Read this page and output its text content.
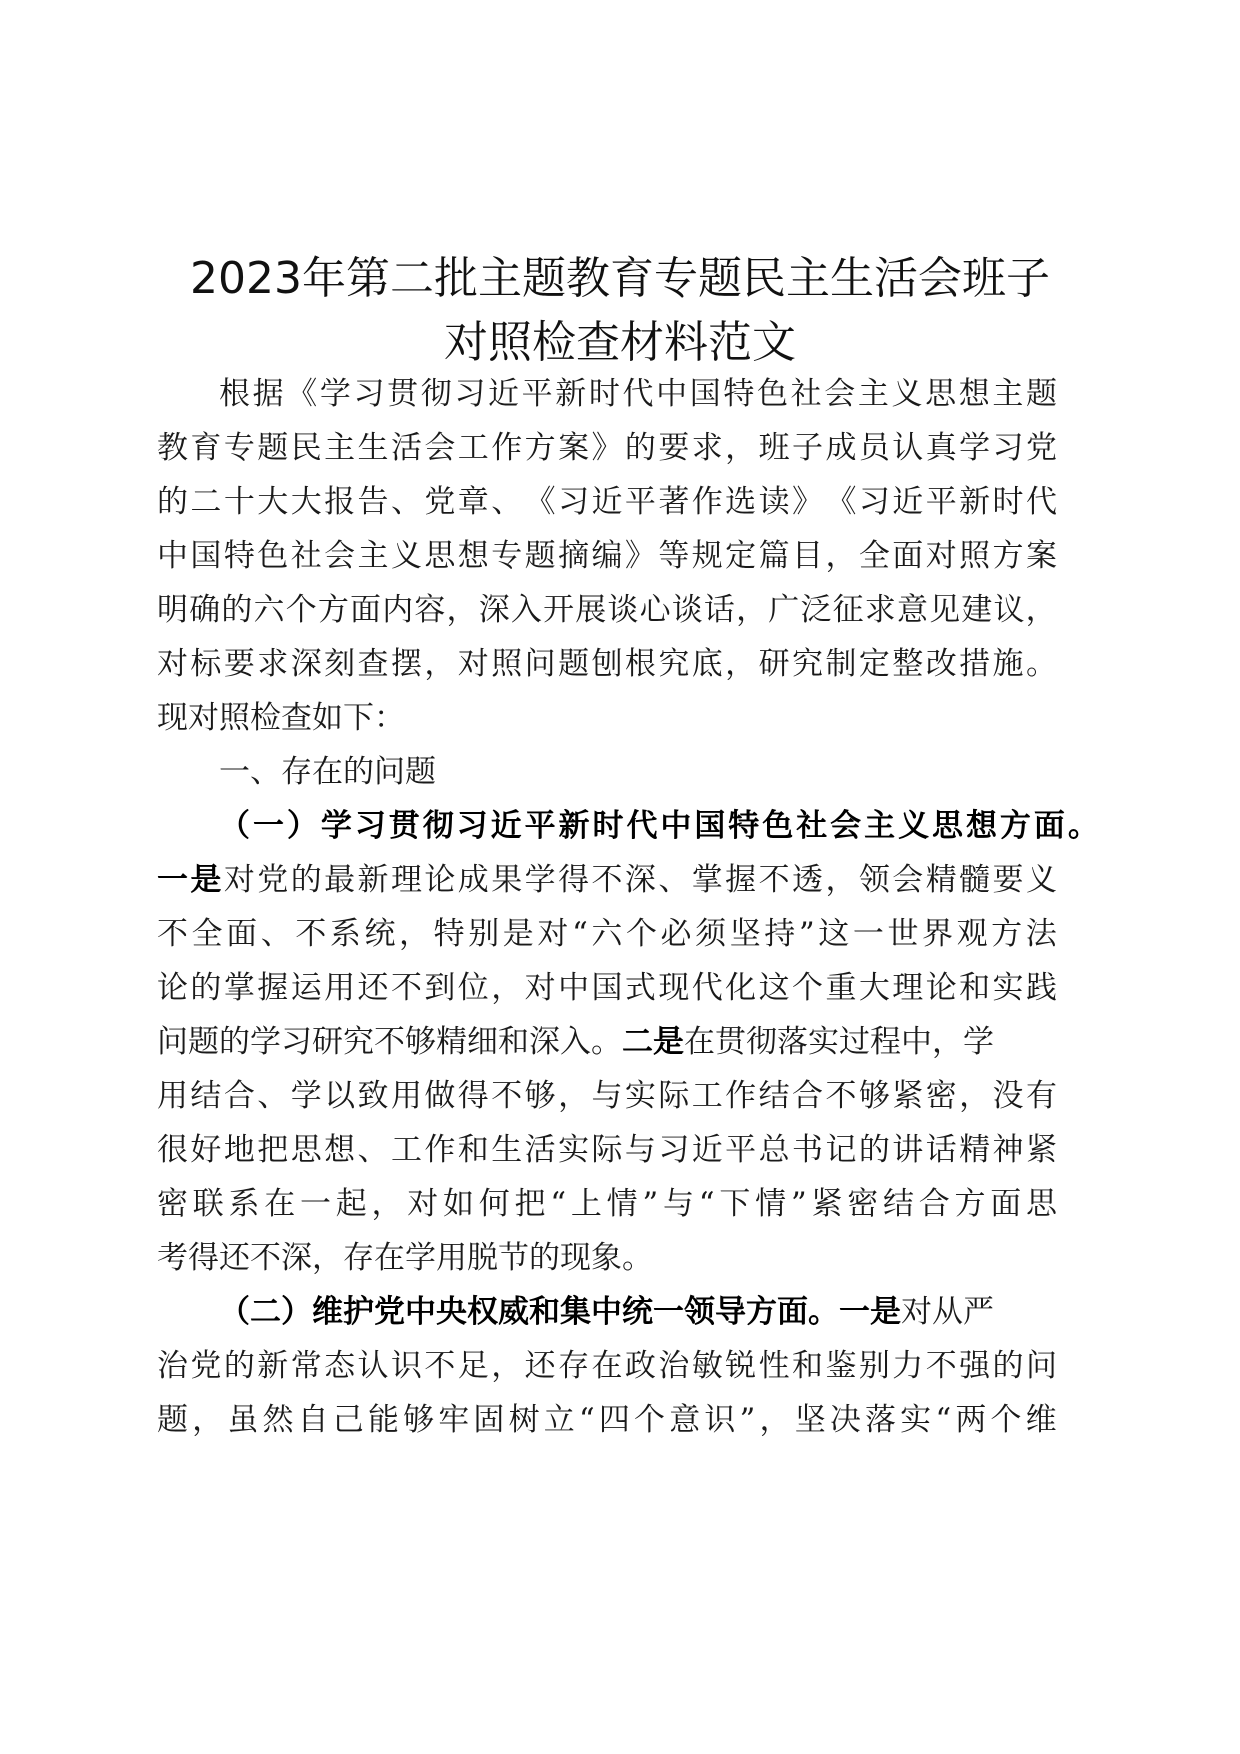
2023年第二批主题教育专题民主生活会班子
对照检查材料范文
根 据 《 学 习 贯 彻 习 近 平 新 时 代 中 国 特 色 社 会 主 义 思 想 主 题
教 育 专 题 民 主 生 活 会 工 作 方 案 》 的 要 求 ， 班 子 成 员 认 真 学 习 党
的 二 十 大 大 报 告 、 党 章 、 《 习 近 平 著 作 选 读 》 《 习 近 平 新 时 代
中 国 特 色 社 会 主 义 思 想 专 题 摘 编 》 等 规 定 篇 目 ， 全 面 对 照 方 案
明 确 的 六 个 方 面 内 容 ， 深 入 开 展 谈 心 谈 话 ， 广 泛 征 求 意 见 建 议 ，
对 标 要 求 深 刻 查 摆 ， 对 照 问 题 刨 根 究 底 ， 研 究 制 定 整 改 措 施 。
现对照检查如下：
一、存在的问题
（ 一 ） 学 习 贯 彻 习 近 平 新 时 代 中 国 特 色 社 会 主 义 思 想 方 面 。
一 是 对 党 的 最 新 理 论 成 果 学 得 不 深 、 掌 握 不 透 ， 领 会 精 髓 要 义
不 全 面 、 不 系 统 ， 特 别 是 对 “ 六 个 必 须 坚 持 ” 这 一 世 界 观 方 法
论 的 掌 握 运 用 还 不 到 位 ， 对 中 国 式 现 代 化 这 个 重 大 理 论 和 实 践
问题的学习研究不够精细和深入。 二是 在贯彻落实过程中，学
用 结 合 、 学 以 致 用 做 得 不 够 ， 与 实 际 工 作 结 合 不 够 紧 密 ， 没 有
很 好 地 把 思 想 、 工 作 和 生 活 实 际 与 习 近 平 总 书 记 的 讲 话 精 神 紧
密 联 系 在 一 起 ， 对 如 何 把 “ 上 情 ” 与 “ 下 情 ” 紧 密 结 合 方 面 思
考得还不深，存在学用脱节的现象。
（二）维护党中央权威和集中统一领导方面。 一是 对从严
治 党 的 新 常 态 认 识 不 足 ， 还 存 在 政 治 敏 锐 性 和 鉴 别 力 不 强 的 问
题 ， 虽 然 自 己 能 够 牢 固 树 立 “ 四 个 意 识 ” ， 坚 决 落 实 “ 两 个 维
